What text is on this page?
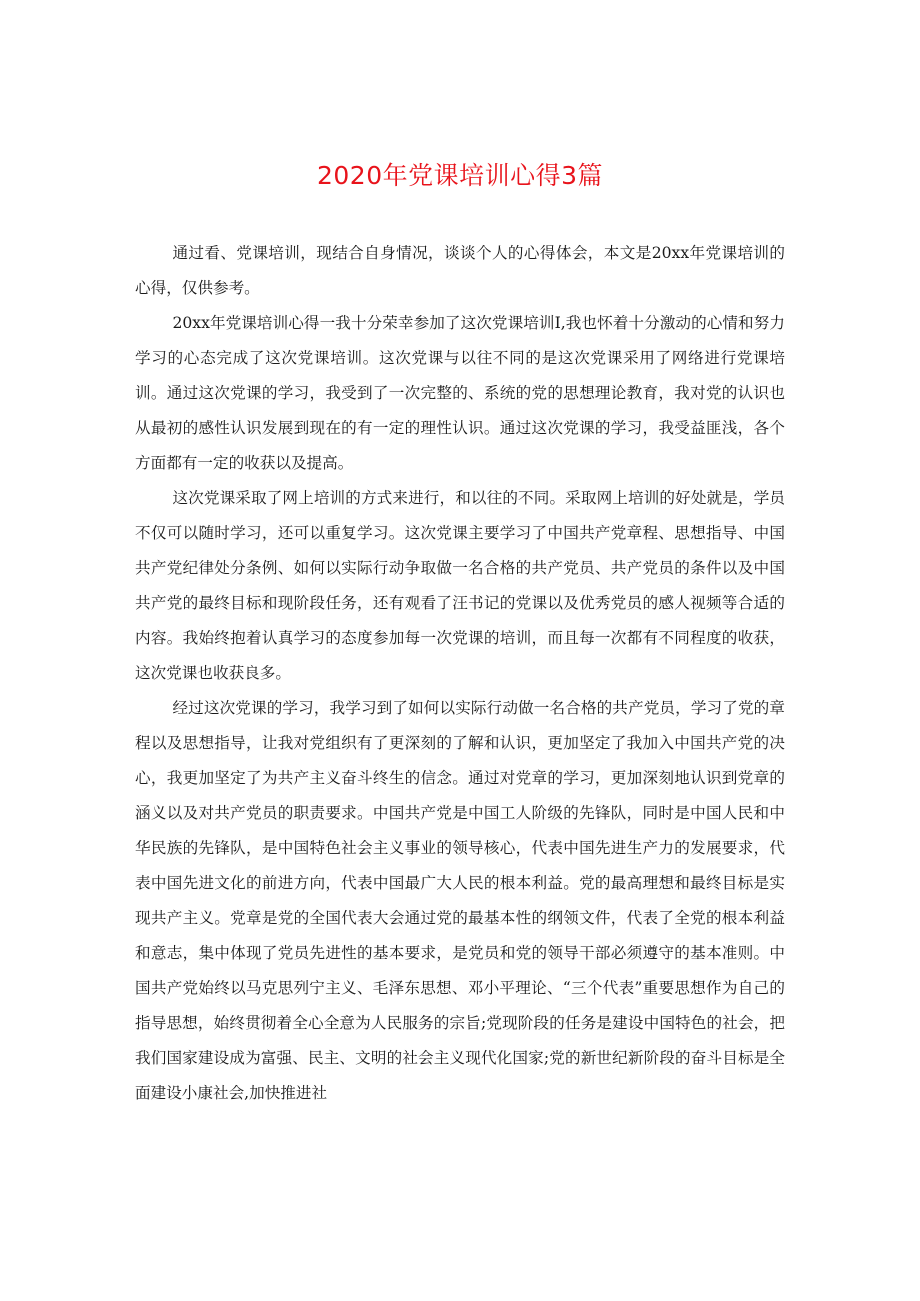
2020年党课培训心得3篇

通过看、党课培训，现结合自身情况，谈谈个人的心得体会，本文是20xx年党课培训的心得，仅供参考。

20xx年党课培训心得一我十分荣幸参加了这次党课培训I,我也怀着十分激动的心情和努力学习的心态完成了这次党课培训。这次党课与以往不同的是这次党课采用了网络进行党课培训。通过这次党课的学习，我受到了一次完整的、系统的党的思想理论教育，我对党的认识也从最初的感性认识发展到现在的有一定的理性认识。通过这次党课的学习，我受益匪浅，各个方面都有一定的收获以及提高。

这次党课采取了网上培训的方式来进行，和以往的不同。采取网上培训的好处就是，学员不仅可以随时学习，还可以重复学习。这次党课主要学习了中国共产党章程、思想指导、中国共产党纪律处分条例、如何以实际行动争取做一名合格的共产党员、共产党员的条件以及中国共产党的最终目标和现阶段任务，还有观看了汪书记的党课以及优秀党员的感人视频等合适的内容。我始终抱着认真学习的态度参加每一次党课的培训，而且每一次都有不同程度的收获，这次党课也收获良多。

经过这次党课的学习，我学习到了如何以实际行动做一名合格的共产党员，学习了党的章程以及思想指导，让我对党组织有了更深刻的了解和认识，更加坚定了我加入中国共产党的决心，我更加坚定了为共产主义奋斗终生的信念。通过对党章的学习，更加深刻地认识到党章的涵义以及对共产党员的职责要求。中国共产党是中国工人阶级的先锋队，同时是中国人民和中华民族的先锋队，是中国特色社会主义事业的领导核心，代表中国先进生产力的发展要求，代表中国先进文化的前进方向，代表中国最广大人民的根本利益。党的最高理想和最终目标是实现共产主义。党章是党的全国代表大会通过党的最基本性的纲领文件，代表了全党的根本利益和意志，集中体现了党员先进性的基本要求，是党员和党的领导干部必须遵守的基本准则。中国共产党始终以马克思列宁主义、毛泽东思想、邓小平理论、“三个代表”重要思想作为自己的指导思想，始终贯彻着全心全意为人民服务的宗旨;党现阶段的任务是建设中国特色的社会，把我们国家建设成为富强、民主、文明的社会主义现代化国家;党的新世纪新阶段的奋斗目标是全面建设小康社会,加快推进社
